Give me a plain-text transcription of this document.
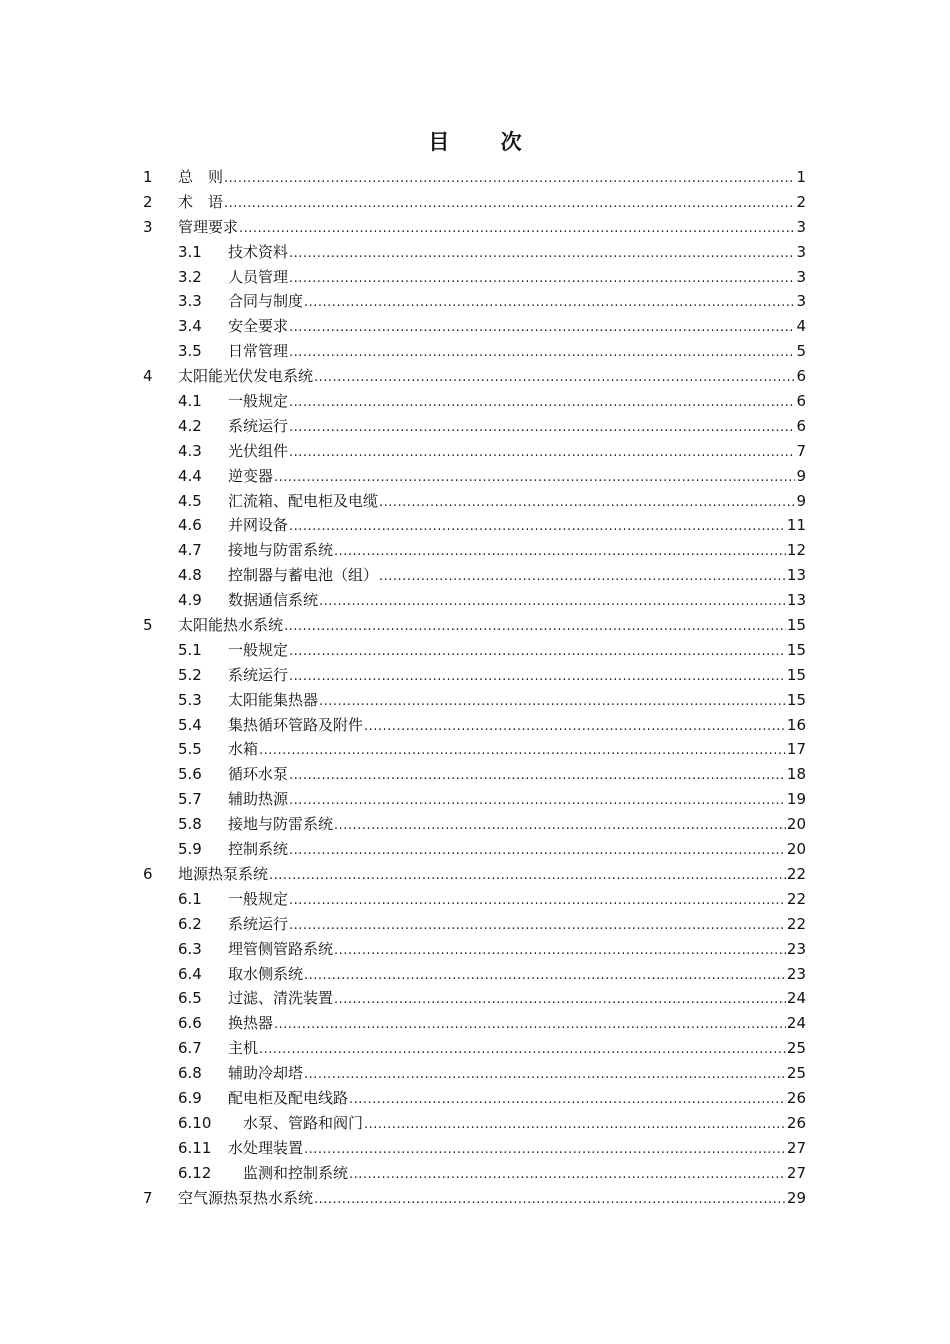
目 次
1	总　则 .....	1
2	术　语 .....	2
3	管理要求 .....	3
3.1	技术资料 .....	3
3.2	人员管理 .....	3
3.3	合同与制度 .....	3
3.4	安全要求 .....	4
3.5	日常管理 .....	5
4	太阳能光伏发电系统 .....	6
4.1	一般规定 .....	6
4.2	系统运行 .....	6
4.3	光伏组件 .....	7
4.4	逆变器 .....	9
4.5	汇流箱、配电柜及电缆 .....	9
4.6	并网设备 .....	11
4.7	接地与防雷系统 .....	12
4.8	控制器与蓄电池（组） .....	13
4.9	数据通信系统 .....	13
5	太阳能热水系统 .....	15
5.1	一般规定 .....	15
5.2	系统运行 .....	15
5.3	太阳能集热器 .....	15
5.4	集热循环管路及附件 .....	16
5.5	水箱 .....	17
5.6	循环水泵 .....	18
5.7	辅助热源 .....	19
5.8	接地与防雷系统 .....	20
5.9	控制系统 .....	20
6	地源热泵系统 .....	22
6.1	一般规定 .....	22
6.2	系统运行 .....	22
6.3	埋管侧管路系统 .....	23
6.4	取水侧系统 .....	23
6.5	过滤、清洗装置 .....	24
6.6	换热器 .....	24
6.7	主机 .....	25
6.8	辅助冷却塔 .....	25
6.9	配电柜及配电线路 .....	26
6.10	　水泵、管路和阀门 .....	26
6.11	水处理装置 .....	27
6.12	　监测和控制系统 .....	27
7	空气源热泵热水系统 .....	29
